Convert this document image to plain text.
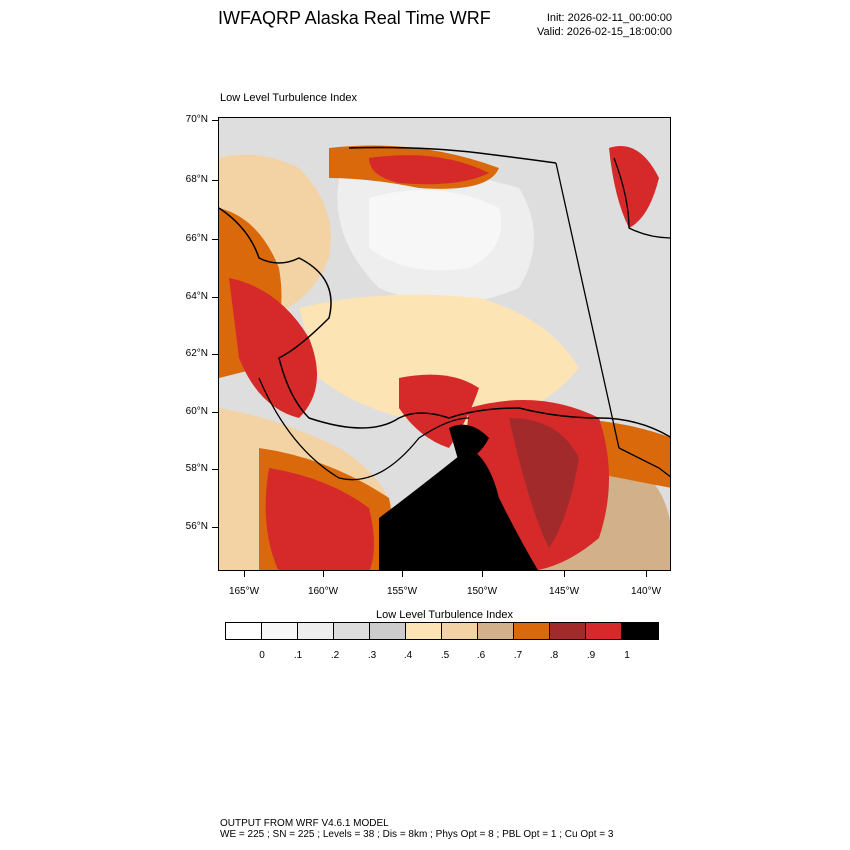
IWFAQRP Alaska Real Time WRF	Init: 2026-02-11_00:00:00
Valid: 2026-02-15_18:00:00
Low Level Turbulence Index
70°N
68°N
66°N
64°N
62°N
60°N
58°N
56°N
165°W	160°W	155°W	150°W	145°W	140°W
Low Level Turbulence Index
0	.1	.2	.3	.4	.5	.6	.7	.8	.9	1
OUTPUT FROM WRF V4.6.1 MODEL
WE = 225 ; SN = 225 ; Levels = 38 ; Dis = 8km ; Phys Opt = 8 ; PBL Opt = 1 ; Cu Opt = 3
